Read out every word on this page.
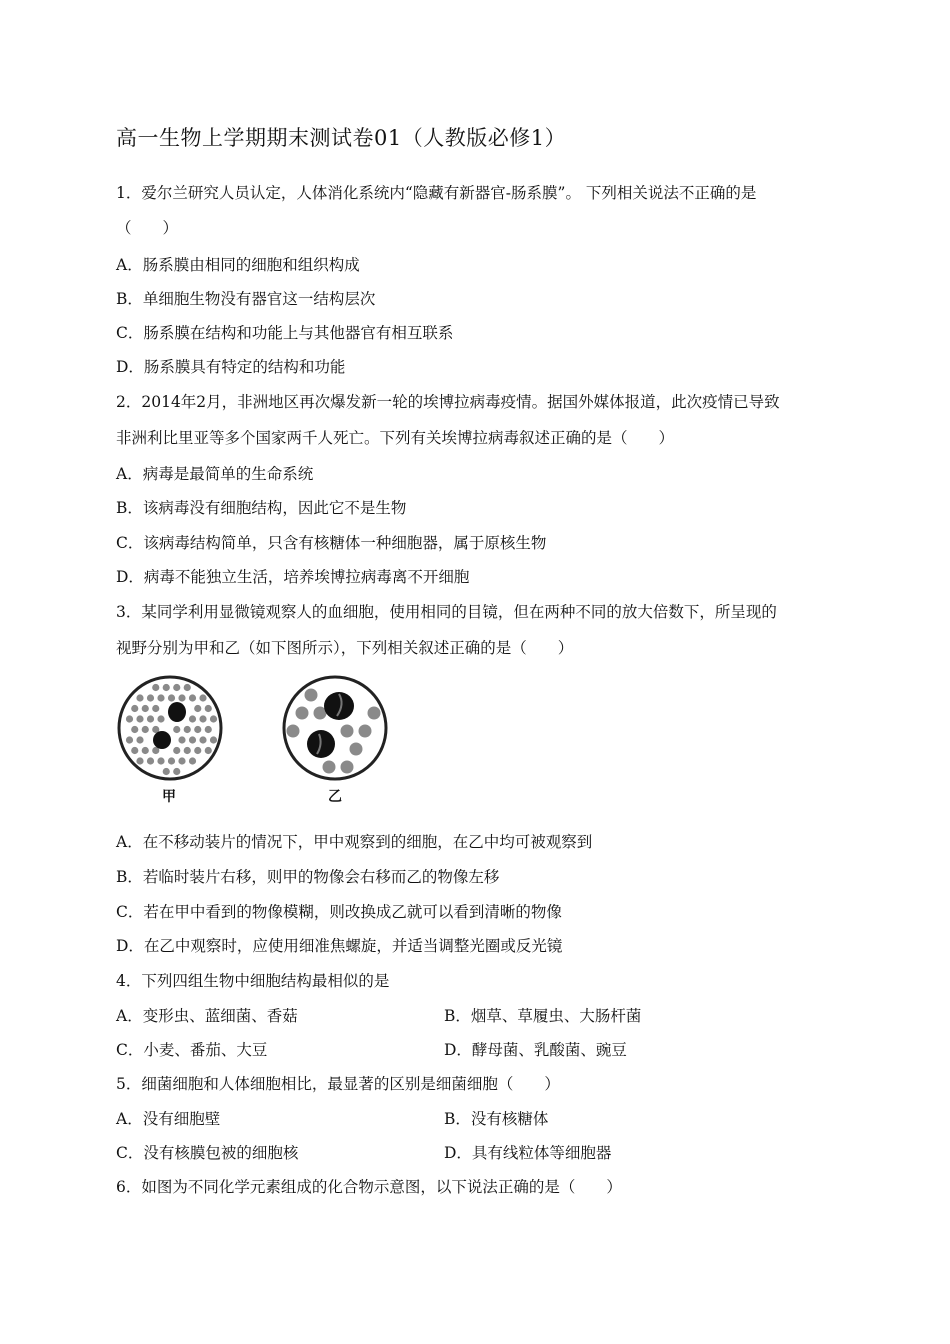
高一生物上学期期末测试卷01（人教版必修1）
1．爱尔兰研究人员认定，人体消化系统内“隐藏有新器官-肠系膜”。 下列相关说法不正确的是
（　　）
A．肠系膜由相同的细胞和组织构成
B．单细胞生物没有器官这一结构层次
C．肠系膜在结构和功能上与其他器官有相互联系
D．肠系膜具有特定的结构和功能
2．2014年2月，非洲地区再次爆发新一轮的埃博拉病毒疫情。据国外媒体报道，此次疫情已导致
非洲利比里亚等多个国家两千人死亡。下列有关埃博拉病毒叙述正确的是（　　）
A．病毒是最简单的生命系统
B．该病毒没有细胞结构，因此它不是生物
C．该病毒结构简单，只含有核糖体一种细胞器，属于原核生物
D．病毒不能独立生活，培养埃博拉病毒离不开细胞
3．某同学利用显微镜观察人的血细胞，使用相同的目镜，但在两种不同的放大倍数下，所呈现的
视野分别为甲和乙（如下图所示），下列相关叙述正确的是（　　）
甲	乙
A．在不移动装片的情况下，甲中观察到的细胞，在乙中均可被观察到
B．若临时装片右移，则甲的物像会右移而乙的物像左移
C．若在甲中看到的物像模糊，则改换成乙就可以看到清晰的物像
D．在乙中观察时，应使用细准焦螺旋，并适当调整光圈或反光镜
4．下列四组生物中细胞结构最相似的是
A．变形虫、蓝细菌、香菇	B．烟草、草履虫、大肠杆菌
C．小麦、番茄、大豆	D．酵母菌、乳酸菌、豌豆
5．细菌细胞和人体细胞相比，最显著的区别是细菌细胞（　　）
A．没有细胞壁	B．没有核糖体
C．没有核膜包被的细胞核	D．具有线粒体等细胞器
6．如图为不同化学元素组成的化合物示意图，以下说法正确的是（　　）
